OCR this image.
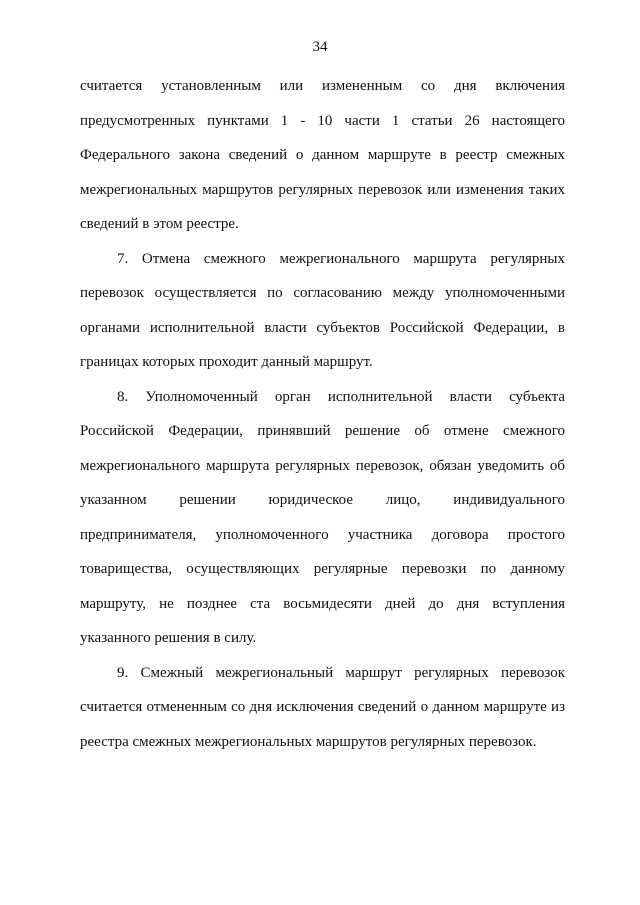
34
считается установленным или измененным со дня включения
предусмотренных пунктами 1 - 10 части 1 статьи 26 настоящего
Федерального закона сведений о данном маршруте в реестр смежных
межрегиональных маршрутов регулярных перевозок или изменения таких
сведений в этом реестре.
7. Отмена смежного межрегионального маршрута регулярных
перевозок осуществляется по согласованию между уполномоченными
органами исполнительной власти субъектов Российской Федерации, в
границах которых проходит данный маршрут.
8. Уполномоченный орган исполнительной власти субъекта
Российской Федерации, принявший решение об отмене смежного
межрегионального маршрута регулярных перевозок, обязан уведомить об
указанном решении юридическое лицо, индивидуального
предпринимателя, уполномоченного участника договора простого
товарищества, осуществляющих регулярные перевозки по данному
маршруту, не позднее ста восьмидесяти дней до дня вступления
указанного решения в силу.
9. Смежный межрегиональный маршрут регулярных перевозок
считается отмененным со дня исключения сведений о данном маршруте из
реестра смежных межрегиональных маршрутов регулярных перевозок.
